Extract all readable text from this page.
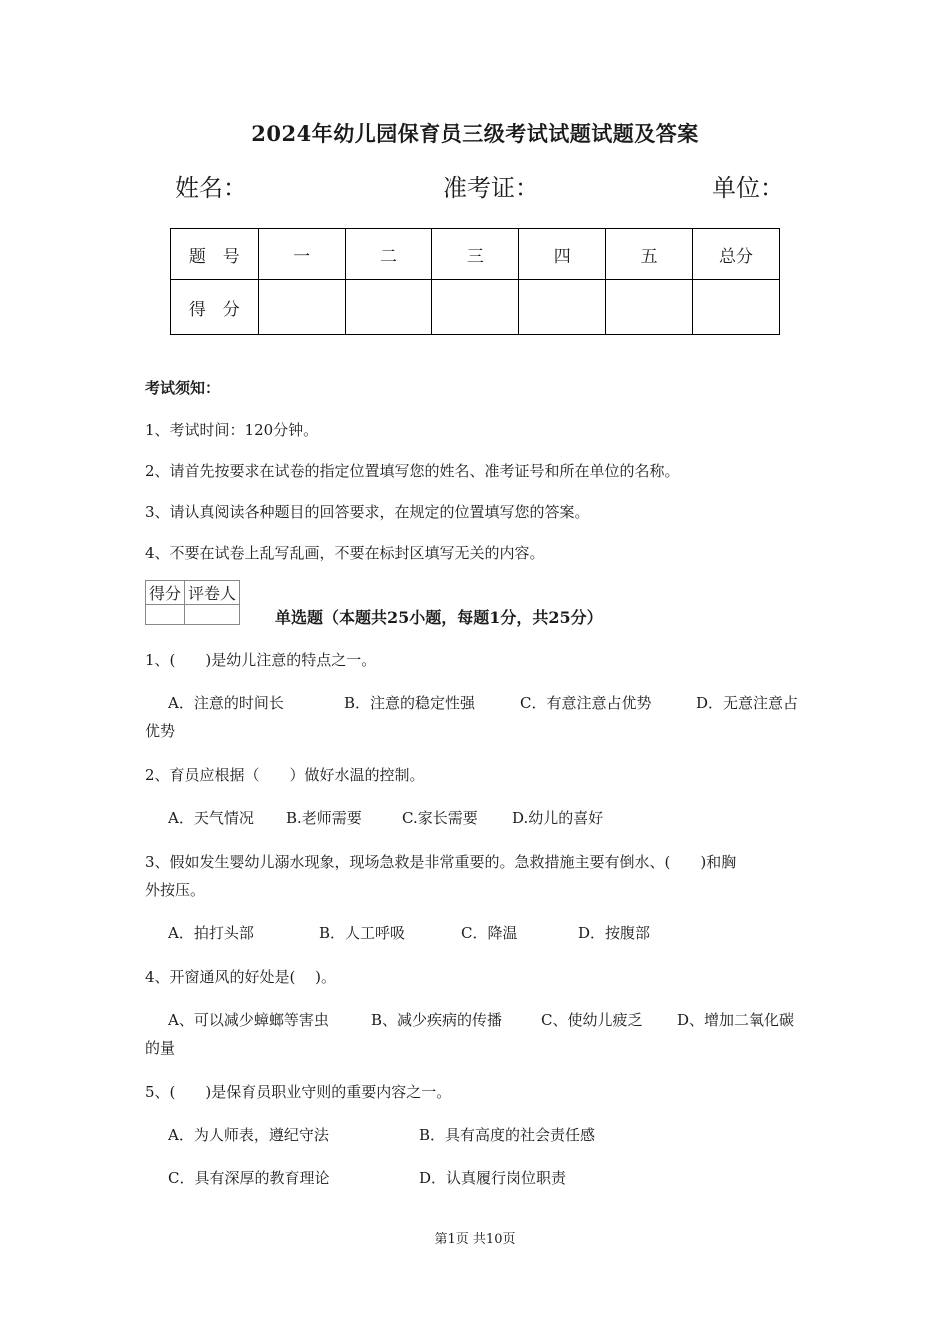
2024年幼儿园保育员三级考试试题试题及答案
姓名：	准考证：	单位：
题　号	一	二	三	四	五	总分
得　分						
考试须知：
1、考试时间：120分钟。
2、请首先按要求在试卷的指定位置填写您的姓名、准考证号和所在单位的名称。
3、请认真阅读各种题目的回答要求，在规定的位置填写您的答案。
4、不要在试卷上乱写乱画，不要在标封区填写无关的内容。
得分	评卷人

单选题（本题共25小题，每题1分，共25分）
1、(　　)是幼儿注意的特点之一。
A．注意的时间长	B．注意的稳定性强	C．有意注意占优势	D．无意注意占
优势
2、育员应根据（　　）做好水温的控制。
A．天气情况 B.老师需要	C.家长需要 D.幼儿的喜好
3、假如发生婴幼儿溺水现象，现场急救是非常重要的。急救措施主要有倒水、(　　)和胸
外按压。
A．拍打头部	B．人工呼吸	C．降温	D．按腹部
4、开窗通风的好处是(　 )。
A、可以减少蟑螂等害虫	B、减少疾病的传播	C、使幼儿疲乏 D、增加二氧化碳
的量
5、(　　)是保育员职业守则的重要内容之一。
A．为人师表，遵纪守法	B．具有高度的社会责任感
C．具有深厚的教育理论	D．认真履行岗位职责
第1页 共10页
